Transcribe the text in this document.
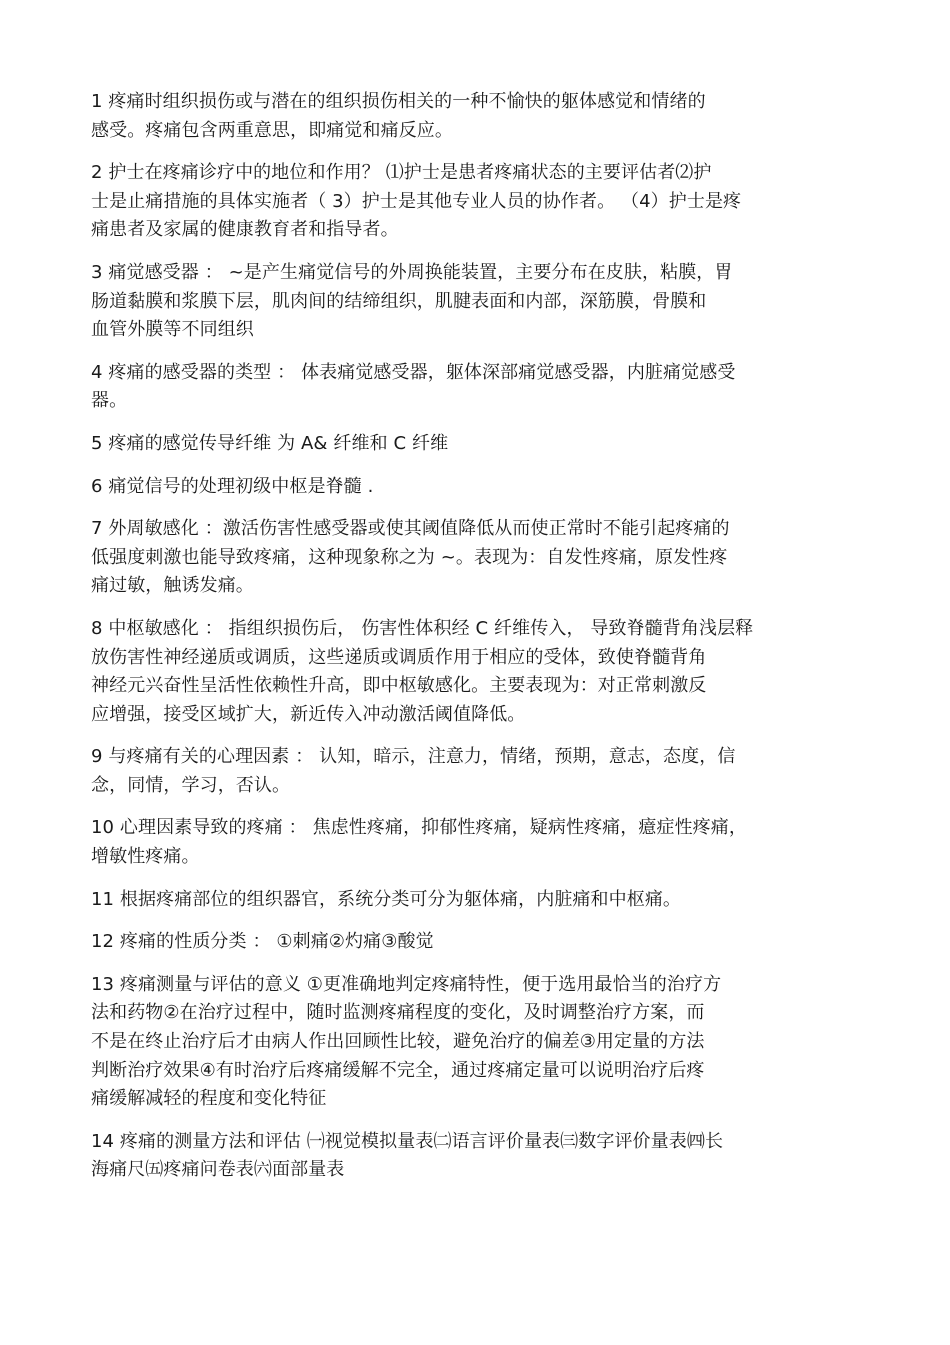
1 疼痛时组织损伤或与潜在的组织损伤相关的一种不愉快的躯体感觉和情绪的
感受。疼痛包含两重意思，即痛觉和痛反应。

2 护士在疼痛诊疗中的地位和作用？ ⑴护士是患者疼痛状态的主要评估者⑵护
士是止痛措施的具体实施者（ 3）护士是其他专业人员的协作者。 （4）护士是疼
痛患者及家属的健康教育者和指导者。

3 痛觉感受器 ： ~是产生痛觉信号的外周换能装置，主要分布在皮肤，粘膜，胃
肠道黏膜和浆膜下层，肌肉间的结缔组织，肌腱表面和内部，深筋膜，骨膜和
血管外膜等不同组织

4 疼痛的感受器的类型 ： 体表痛觉感受器，躯体深部痛觉感受器，内脏痛觉感受
器。

5 疼痛的感觉传导纤维 为 A& 纤维和 C 纤维

6 痛觉信号的处理初级中枢是脊髓 .

7 外周敏感化 ：激活伤害性感受器或使其阈值降低从而使正常时不能引起疼痛的
低强度刺激也能导致疼痛，这种现象称之为 ~。表现为：自发性疼痛，原发性疼
痛过敏，触诱发痛。

8 中枢敏感化 ： 指组织损伤后， 伤害性体积经 C 纤维传入， 导致脊髓背角浅层释
放伤害性神经递质或调质，这些递质或调质作用于相应的受体，致使脊髓背角
神经元兴奋性呈活性依赖性升高，即中枢敏感化。主要表现为：对正常刺激反
应增强，接受区域扩大，新近传入冲动激活阈值降低。

9 与疼痛有关的心理因素 ： 认知，暗示，注意力，情绪，预期，意志，态度，信
念，同情，学习，否认。

10 心理因素导致的疼痛 ： 焦虑性疼痛，抑郁性疼痛，疑病性疼痛，癔症性疼痛，
增敏性疼痛。

11 根据疼痛部位的组织器官，系统分类可分为躯体痛，内脏痛和中枢痛。

12 疼痛的性质分类 ： ①刺痛②灼痛③酸觉

13 疼痛测量与评估的意义 ①更准确地判定疼痛特性，便于选用最恰当的治疗方
法和药物②在治疗过程中，随时监测疼痛程度的变化，及时调整治疗方案，而
不是在终止治疗后才由病人作出回顾性比较，避免治疗的偏差③用定量的方法
判断治疗效果④有时治疗后疼痛缓解不完全，通过疼痛定量可以说明治疗后疼
痛缓解减轻的程度和变化特征

14 疼痛的测量方法和评估 ㈠视觉模拟量表㈡语言评价量表㈢数字评价量表㈣长
海痛尺㈤疼痛问卷表㈥面部量表
